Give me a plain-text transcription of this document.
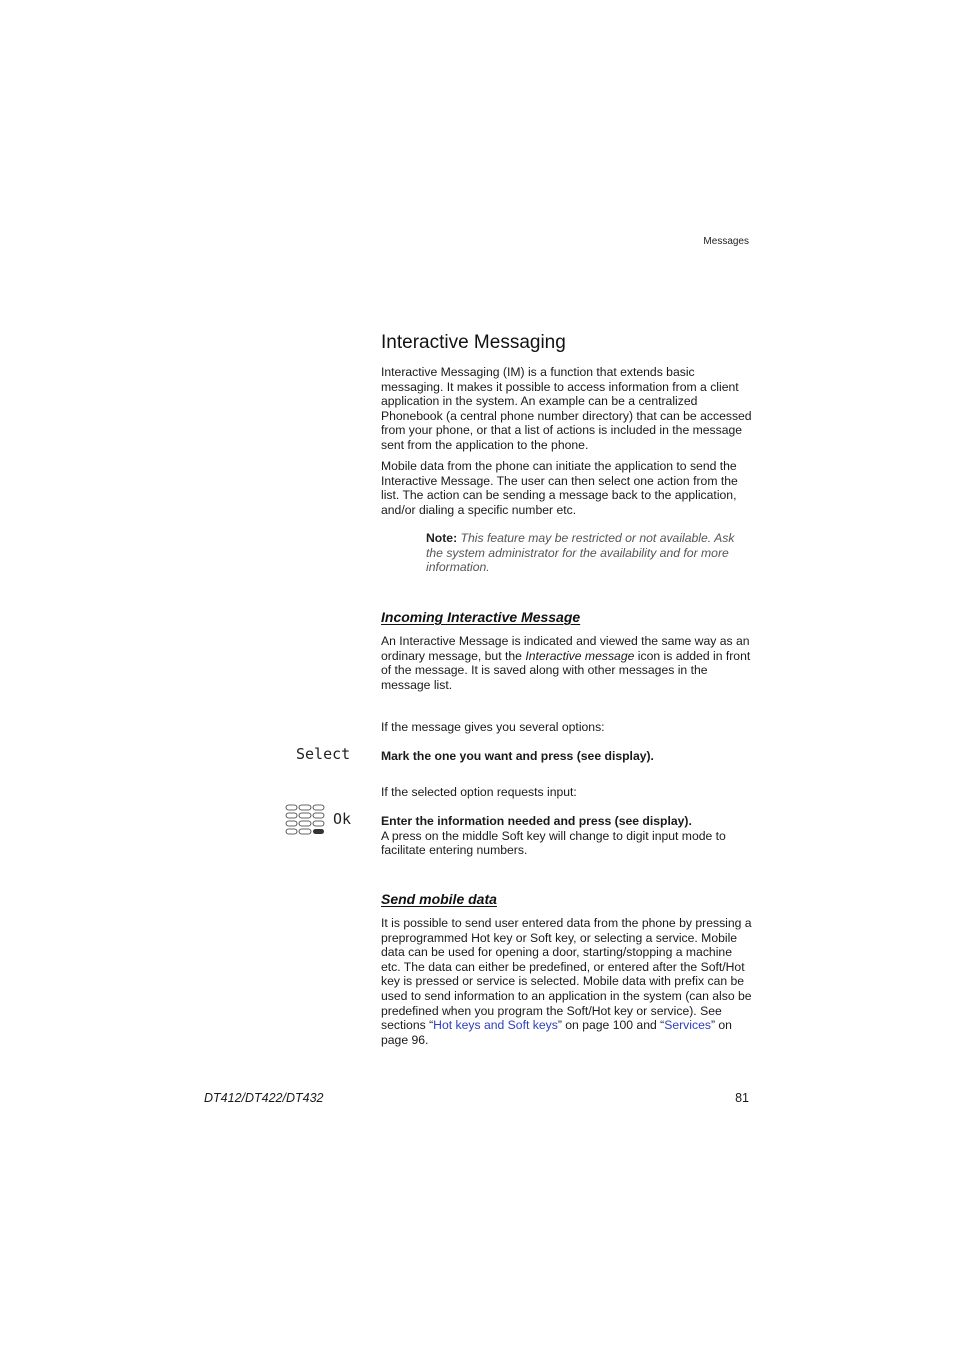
Messages
Interactive Messaging

Interactive Messaging (IM) is a function that extends basic messaging. It makes it possible to access information from a client application in the system. An example can be a centralized Phonebook (a central phone number directory) that can be accessed from your phone, or that a list of actions is included in the message sent from the application to the phone.

Mobile data from the phone can initiate the application to send the Interactive Message. The user can then select one action from the list. The action can be sending a message back to the application, and/or dialing a specific number etc.

Note: This feature may be restricted or not available. Ask the system administrator for the availability and for more information.

Incoming Interactive Message

An Interactive Message is indicated and viewed the same way as an ordinary message, but the Interactive message icon is added in front of the message. It is saved along with other messages in the message list.

If the message gives you several options:

Select	Mark the one you want and press (see display).

If the selected option requests input:

Ok Enter the information needed and press (see display).
A press on the middle Soft key will change to digit input mode to facilitate entering numbers.

Send mobile data

It is possible to send user entered data from the phone by pressing a preprogrammed Hot key or Soft key, or selecting a service. Mobile data can be used for opening a door, starting/stopping a machine etc. The data can either be predefined, or entered after the Soft/Hot key is pressed or service is selected. Mobile data with prefix can be used to send information to an application in the system (can also be predefined when you program the Soft/Hot key or service). See sections “Hot keys and Soft keys” on page 100 and “Services” on page 96.

DT412/DT422/DT432	81
